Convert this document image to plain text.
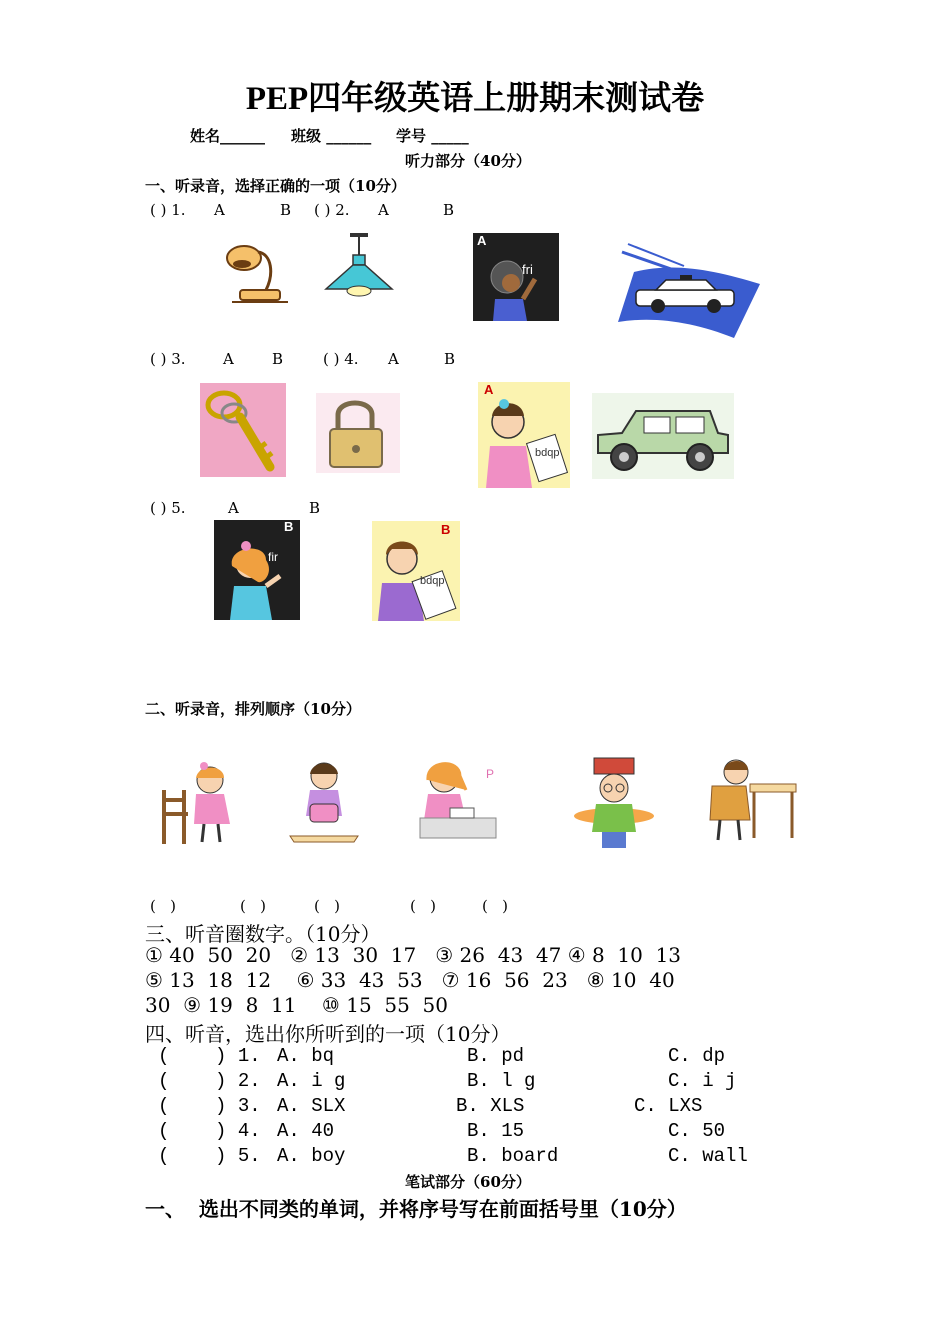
PEP四年级英语上册期末测试卷
姓名______ 班级 ______ 学号 _____
听力部分（40分）
一、听录音，选择正确的一项（10分）
( ) 1. A	B ( ) 2. A	B
A
fri
( ) 3. A	B	( ) 4. A	B
A
bdqp
( ) 5.	A	B
B
fir
B
bdqp
二、听录音，排列顺序（10分）
P
(   )	(   )	(   )	(   )	(   )
三、听音圈数字。（10分）
① 40  50  20   ② 13  30  17   ③ 26  43  47 ④ 8  10  13
⑤ 13  18  12    ⑥ 33  43  53   ⑦ 16  56  23   ⑧ 10  40
30  ⑨ 19  8  11    ⑩ 15  55  50
四、听音，选出你所听到的一项（10分）
(    ) 1. A. bq	B. pd	C. dp
(    ) 2. A. i g	B. l g	C. i j
(    ) 3. A. SLX	B. XLS	C. LXS
(    ) 4. A. 40	B. 15	C. 50
(    ) 5. A. boy	B. board	C. wall
笔试部分（60分）
一、  选出不同类的单词，并将序号写在前面括号里（10分）
